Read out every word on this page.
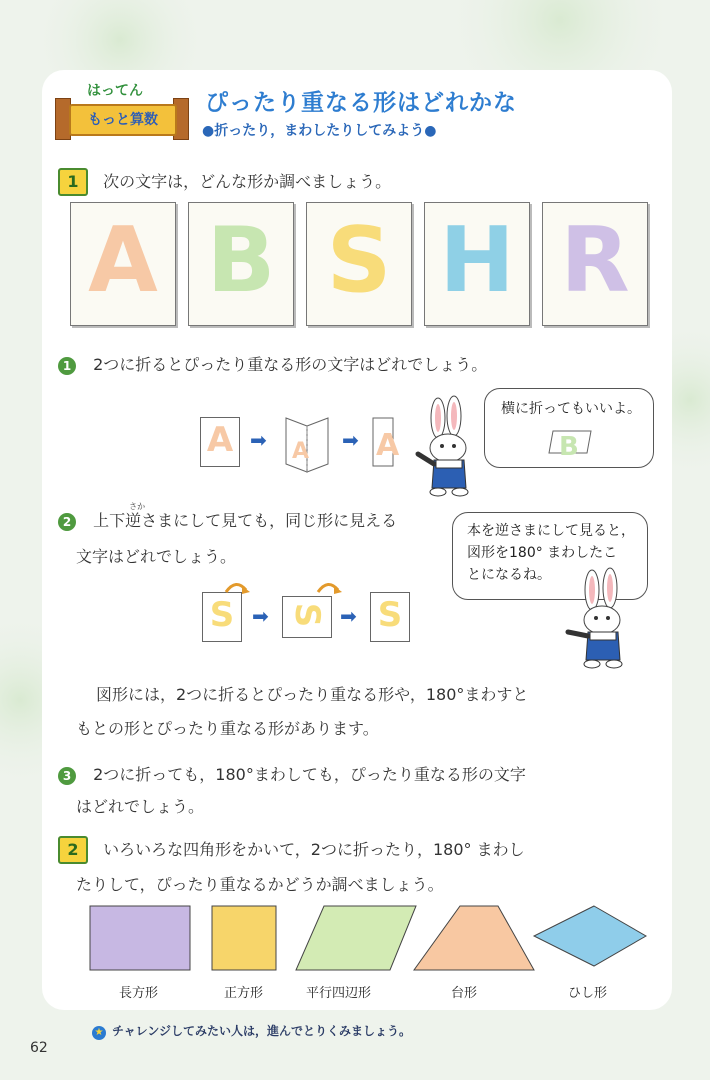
はってん
もっと算数
ぴったり重なる形はどれかな
●折ったり，まわしたりしてみよう●
1 次の文字は，どんな形か調べましょう。
A B S H R
1 2つに折るとぴったり重なる形の文字はどれでしょう。
A ➡ A ➡ A
横に折ってもいいよ。
B
2 上下逆さまにして見ても，同じ形に見える
さか
文字はどれでしょう。
S ➡ S ➡ S
本を逆さまにして見ると，
図形を180° まわしたこ
とになるね。
図形には，2つに折るとぴったり重なる形や，180°まわすと
もとの形とぴったり重なる形があります。
3 2つに折っても，180°まわしても，ぴったり重なる形の文字
はどれでしょう。
2 いろいろな四角形をかいて，2つに折ったり，180° まわし
たりして，ぴったり重なるかどうか調べましょう。
長方形	正方形	平行四辺形	台形	ひし形
★ チャレンジしてみたい人は，進んでとりくみましょう。
62
